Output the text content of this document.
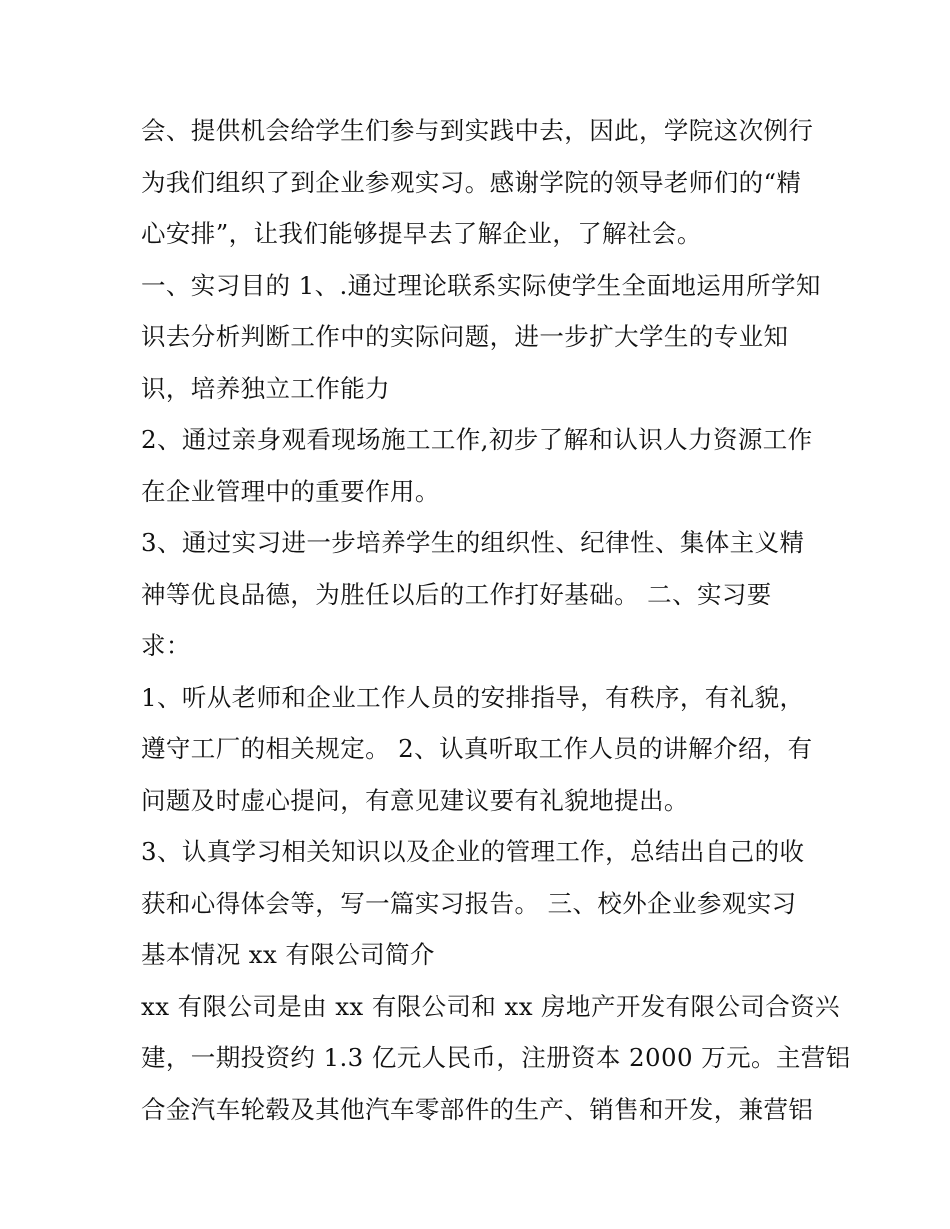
会、提供机会给学生们参与到实践中去，因此，学院这次例行
为我们组织了到企业参观实习。感谢学院的领导老师们的“精
心安排”，让我们能够提早去了解企业，了解社会。
一、实习目的 1、.通过理论联系实际使学生全面地运用所学知
识去分析判断工作中的实际问题，进一步扩大学生的专业知
识，培养独立工作能力
2、通过亲身观看现场施工工作,初步了解和认识人力资源工作
在企业管理中的重要作用。
3、通过实习进一步培养学生的组织性、纪律性、集体主义精
神等优良品德，为胜任以后的工作打好基础。 二、实习要
求：
1、听从老师和企业工作人员的安排指导，有秩序，有礼貌，
遵守工厂的相关规定。 2、认真听取工作人员的讲解介绍，有
问题及时虚心提问，有意见建议要有礼貌地提出。
3、认真学习相关知识以及企业的管理工作，总结出自己的收
获和心得体会等，写一篇实习报告。 三、校外企业参观实习
基本情况 xx 有限公司简介
xx 有限公司是由 xx 有限公司和 xx 房地产开发有限公司合资兴
建，一期投资约 1.3 亿元人民币，注册资本 2000 万元。主营铝
合金汽车轮毂及其他汽车零部件的生产、销售和开发，兼营铝
